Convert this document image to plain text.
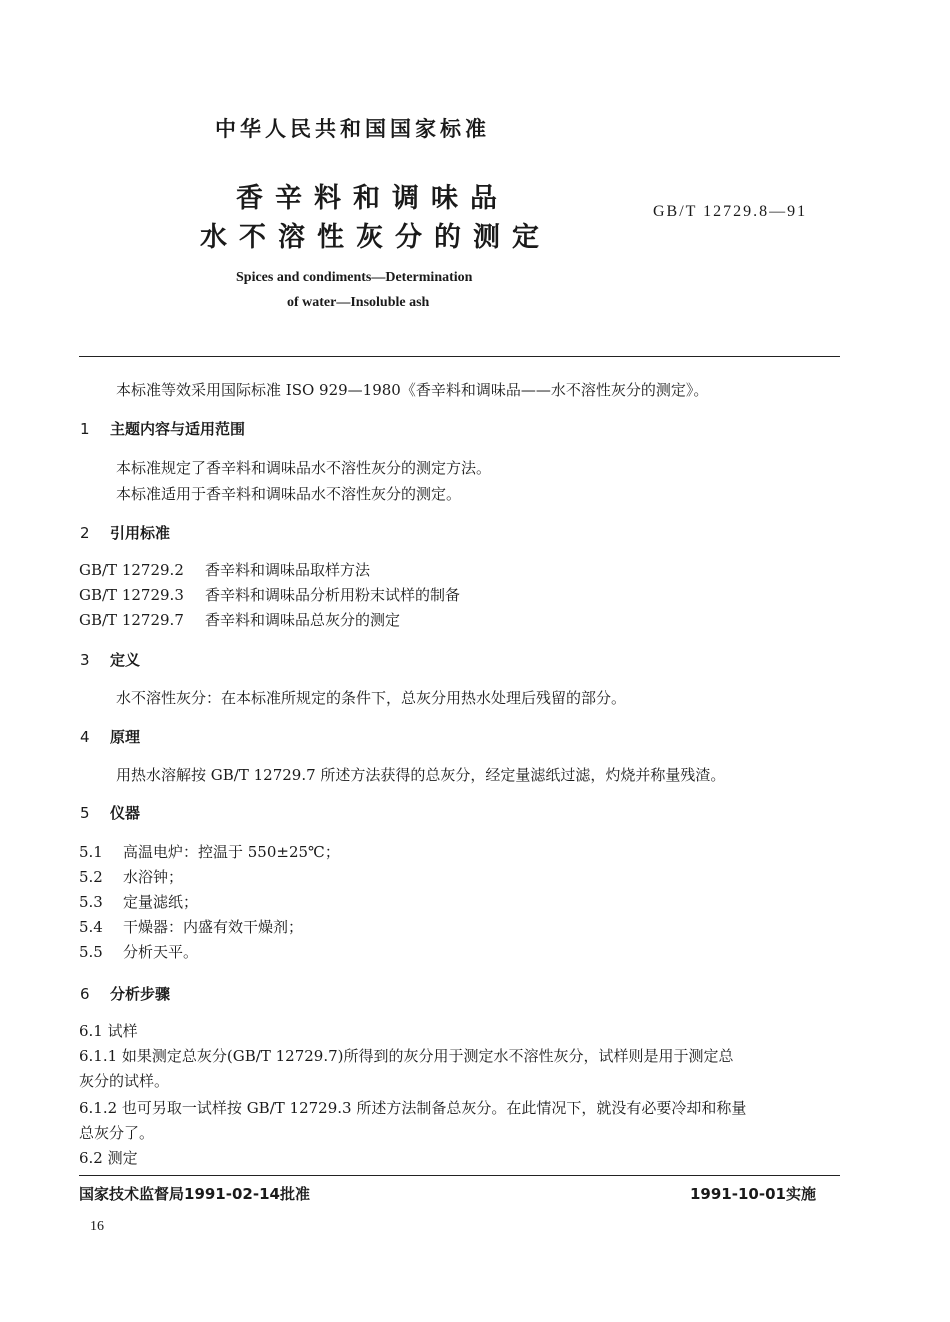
中华人民共和国国家标准
香辛料和调味品
水不溶性灰分的测定
GB/T 12729.8—91
Spices and condiments—Determination
of water—Insoluble ash
本标准等效采用国际标准 ISO 929—1980《香辛料和调味品——水不溶性灰分的测定》。
1 主题内容与适用范围
本标准规定了香辛料和调味品水不溶性灰分的测定方法。
本标准适用于香辛料和调味品水不溶性灰分的测定。
2 引用标准
GB/T 12729.2 香辛料和调味品取样方法
GB/T 12729.3 香辛料和调味品分析用粉末试样的制备
GB/T 12729.7 香辛料和调味品总灰分的测定
3 定义
水不溶性灰分：在本标准所规定的条件下，总灰分用热水处理后残留的部分。
4 原理
用热水溶解按 GB/T 12729.7 所述方法获得的总灰分，经定量滤纸过滤，灼烧并称量残渣。
5 仪器
5.1 高温电炉：控温于 550±25℃；
5.2 水浴钟；
5.3 定量滤纸；
5.4 干燥器：内盛有效干燥剂；
5.5 分析天平。
6 分析步骤
6.1 试样
6.1.1 如果测定总灰分(GB/T 12729.7)所得到的灰分用于测定水不溶性灰分，试样则是用于测定总
灰分的试样。
6.1.2 也可另取一试样按 GB/T 12729.3 所述方法制备总灰分。在此情况下，就没有必要冷却和称量
总灰分了。
6.2 测定
国家技术监督局1991-02-14批准	1991-10-01实施
16
